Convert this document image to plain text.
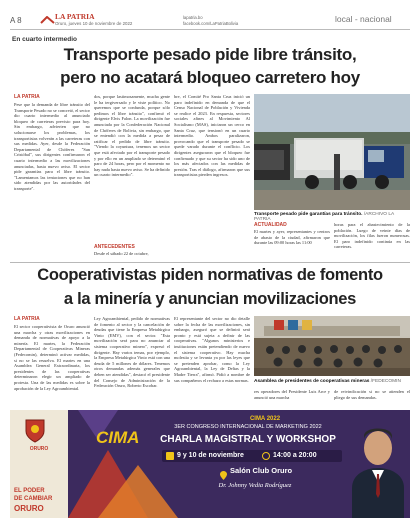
A 8	LA PATRIA
Oruro, jueves 10 de noviembre de 2022
lapatria.bo
facebook.com/LaPatriaBolivia	local - nacional
En cuarto intermedio
Transporte pesado pide libre tránsito,
pero no acatará bloqueo carretero hoy
LA PATRIA

Pese que la demanda de libre tránsito del Transporte Pesado no se concretó, el sector dio cuarto intermedio al anunciado bloqueo de carreteras previsto para hoy. Sin embargo, advierten que no solucionarse los problemas, los transportistas volverán a las carreteras con sus medidas. Ayer, desde la Federación Departamental de Chóferes "San Cristóbal", sus dirigentes confirmaron el cuarto intermedio a las movilizaciones anunciadas, hasta nuevo aviso. El sector pide garantías para el libre tránsito. "Lamentamos las tentaciones que no han sido atendidas por las autoridades del transporte".

dos, porque lastimosamente, mucha gente le ha tergiversado y le viste político. No queremos que se confunda, porque sólo pedimos el libre tránsito", confirmó el dirigente Elvis Falon. La movilización fue anunciada por la Confederación Nacional de Chóferes de Bolivia, sin embargo, que se entendió con la medida a pesar de ratificar el pedido de libre tránsito. "Viendo la coyuntura, tenemos un sector que está afectado por el transporte pesado y por ello en un ampliado se determinó el paro de 24 horas, pero por el momento no hay nada hasta nuevo aviso. Se ha definido un cuarto intermedio".

ANTECEDENTES
Desde el sábado 22 de octubre,

bre, el Comité Pro Santa Cruz inició un paro indefinido en demanda de que el Censo Nacional de Población y Vivienda se realice el 2023. En respuesta, sectores sociales afines al Movimiento Al Socialismo (MAS), iniciaron un cerco en Santa Cruz, que tensionó en un cuarto intermedio. Ambos paralizaron, provocando que el transporte pesado se quede varado durante el conflicto. Los dirigentes aseguraron que el bloqueo fue confirmado y que su sector ha sido uno de los más afectados con las medidas de presión. Tras el diálogo, afirmaron que sus transportistas pierden ingresos.

Transporte pesado pide garantías para tránsito. /ARCHIVO LA PATRIA
ACTUALIDAD

El martes y ayer, representantes y centros de abasto de la ciudad, afirmaron que durante las 09:00 horas las 11:00

horas para el abastecimiento de la población. Luego de veinte días de movilización, los filas fueron numerosas. El paro indefinido continúa en las carreteras.

Cooperativistas piden normativas de fomento
a la minería y anuncian movilizaciones
LA PATRIA

El sector cooperativista de Oruro anunció una marcha y otras movilizaciones en demanda de normativas de apoyo a la minería. El martes, la Federación Departamental de Cooperativas Mineras (Fedecomin), determinó activar medidas, si no se las resuelva. El martes en una Asamblea General Extraordinaria, los presidentes de las cooperativas determinaron elegir un ampliado de protesta. Una de las medidas es sobre la aprobación de la Ley Agroambiental.

Ley Agroambiental, pedido de normativas de fomento al sector y la cancelación de deudas que tiene la Empresa Metalúrgica Vinto (EMV), con el sector. "Esta movilización será para no anunciar al sistema cooperativo minero", expresó el dirigente. Hay varios temas, por ejemplo, la Empresa Metalúrgica Vinto está con una deuda de 5 millones de dólares. Tenemos otros demandas además generales que deben ser atendidas", destacó el presidente del Consejo de Administración de la Federación Oruro, Roberto Escobar.

El representante del sector no dio detalle sobre la fecha de las movilizaciones, sin embargo, aseguró que se definirá será pronto y está sujeta a definir de las cooperativas. "Algunos ministerios e instituciones están pretendiendo de nuevo el sistema cooperativo. Hay mucha molestia y se levanta ya por las leyes que se pretenden aprobar, como la Ley Agroambiental, la Ley de Deltas y la Madre Tierra", afirmó. Pidió a nombre de sus compañeros el rechazo a estas normas. Asamblea de presidentes de cooperativas mineras /FEDECOMIN

res operadores del Presidente Luis Arce y anunció una marcha

de reivindicación si no se atienden el pliego de sus demandas.

ORURO
EL PODER
DE CAMBIAR
ORURO
CIMA
CIMA 2022
3ER CONGRESO INTERNACIONAL DE MARKETING 2022
CHARLA MAGISTRAL Y WORKSHOP
9 y 10 de noviembre	14:00 a 20:00
Salón Club Oruro
Dr. Johnny Vedia Rodríguez
